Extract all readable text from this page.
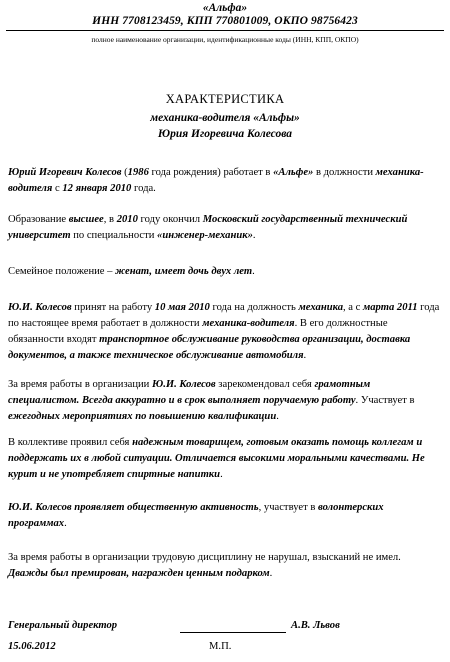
«Альфа»
ИНН 7708123459, КПП 770801009, ОКПО 98756423
полное наименование организации, идентификационные коды (ИНН, КПП, ОКПО)
ХАРАКТЕРИСТИКА
механика-водителя «Альфы»
Юрия Игоревича Колесова
Юрий Игоревич Колесов (1986 года рождения) работает в «Альфе» в должности механика-водителя с 12 января 2010 года.
Образование высшее, в 2010 году окончил Московский государственный технический университет по специальности «инженер-механик».
Семейное положение – женат, имеет дочь двух лет.
Ю.И. Колесов принят на работу 10 мая 2010 года на должность механика, а с марта 2011 года по настоящее время работает в должности механика-водителя. В его должностные обязанности входят транспортное обслуживание руководства организации, доставка документов, а также техническое обслуживание автомобиля.
За время работы в организации Ю.И. Колесов зарекомендовал себя грамотным специалистом. Всегда аккуратно и в срок выполняет поручаемую работу. Участвует в ежегодных мероприятиях по повышению квалификации.
В коллективе проявил себя надежным товарищем, готовым оказать помощь коллегам и поддержать их в любой ситуации. Отличается высокими моральными качествами. Не курит и не употребляет спиртные напитки.
Ю.И. Колесов проявляет общественную активность, участвует в волонтерских программах.
За время работы в организации трудовую дисциплину не нарушал, взысканий не имел. Дважды был премирован, награжден ценным подарком.
Генеральный директор	А.В. Львов
15.06.2012	М.П.
